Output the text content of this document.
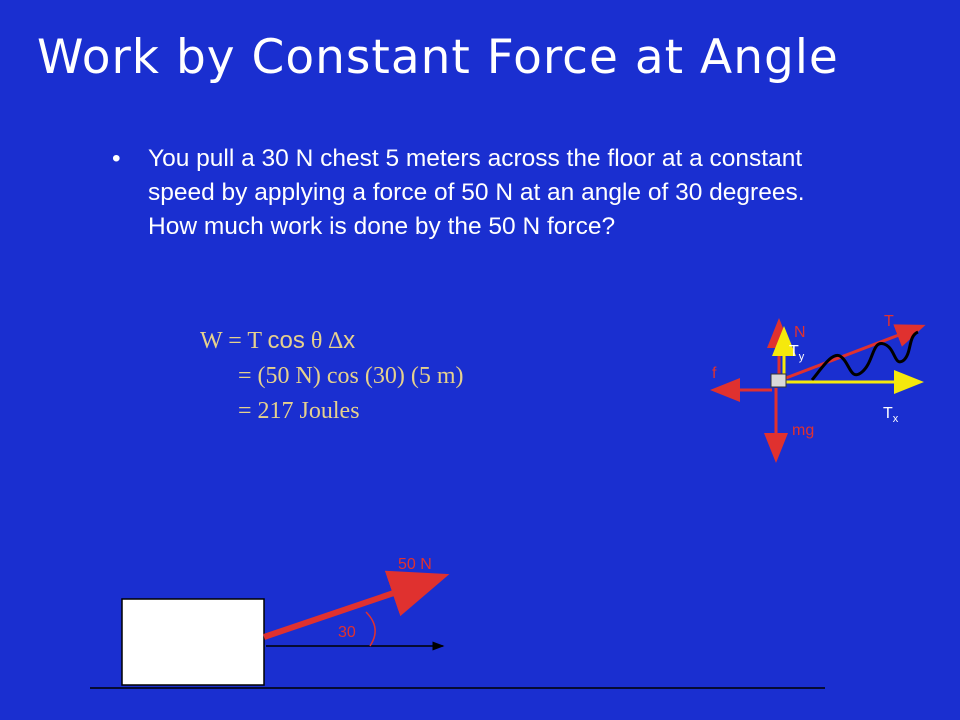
Work by Constant Force at Angle
• You pull a 30 N chest 5 meters across the floor at a constant speed by applying a force of 50 N at an angle of 30 degrees. How much work is done by the 50 N force?
W = T cos θ ∆x
= (50 N) cos (30) (5 m)
= 217 Joules
T
N
$T_y$
f
$T_x$
mg
50 N
30
